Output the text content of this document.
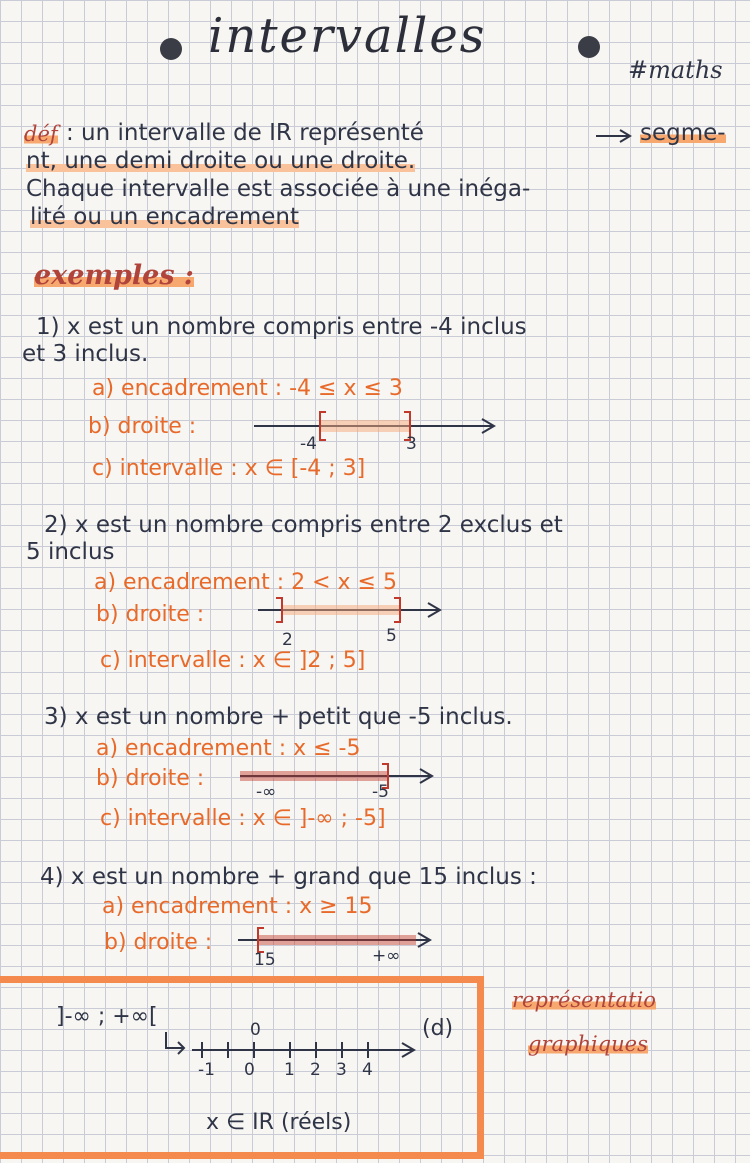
intervalles
#maths
déf : un intervalle de IR représenté	segme-
nt, une demi droite ou une droite.
Chaque intervalle est associée à une inéga-
lité ou un encadrement
exemples :
1) x est un nombre compris entre -4 inclus
et 3 inclus.
a) encadrement : -4 ≤ x ≤ 3
b) droite :
-4	3
c) intervalle : x ∈ [-4 ; 3]
2) x est un nombre compris entre 2 exclus et
5 inclus
a) encadrement : 2 < x ≤ 5
b) droite :
2	5
c) intervalle : x ∈ ]2 ; 5]
3) x est un nombre + petit que -5 inclus.
a) encadrement : x ≤ -5
b) droite :
-∞	-5
c) intervalle : x ∈ ]-∞ ; -5]
4) x est un nombre + grand que 15 inclus :
a) encadrement : x ≥ 15
b) droite :
15	+∞
]-∞ ; +∞[
0	(d)
-1 0 1 2 3 4
x ∈ IR (réels)
représentatio
graphiques
